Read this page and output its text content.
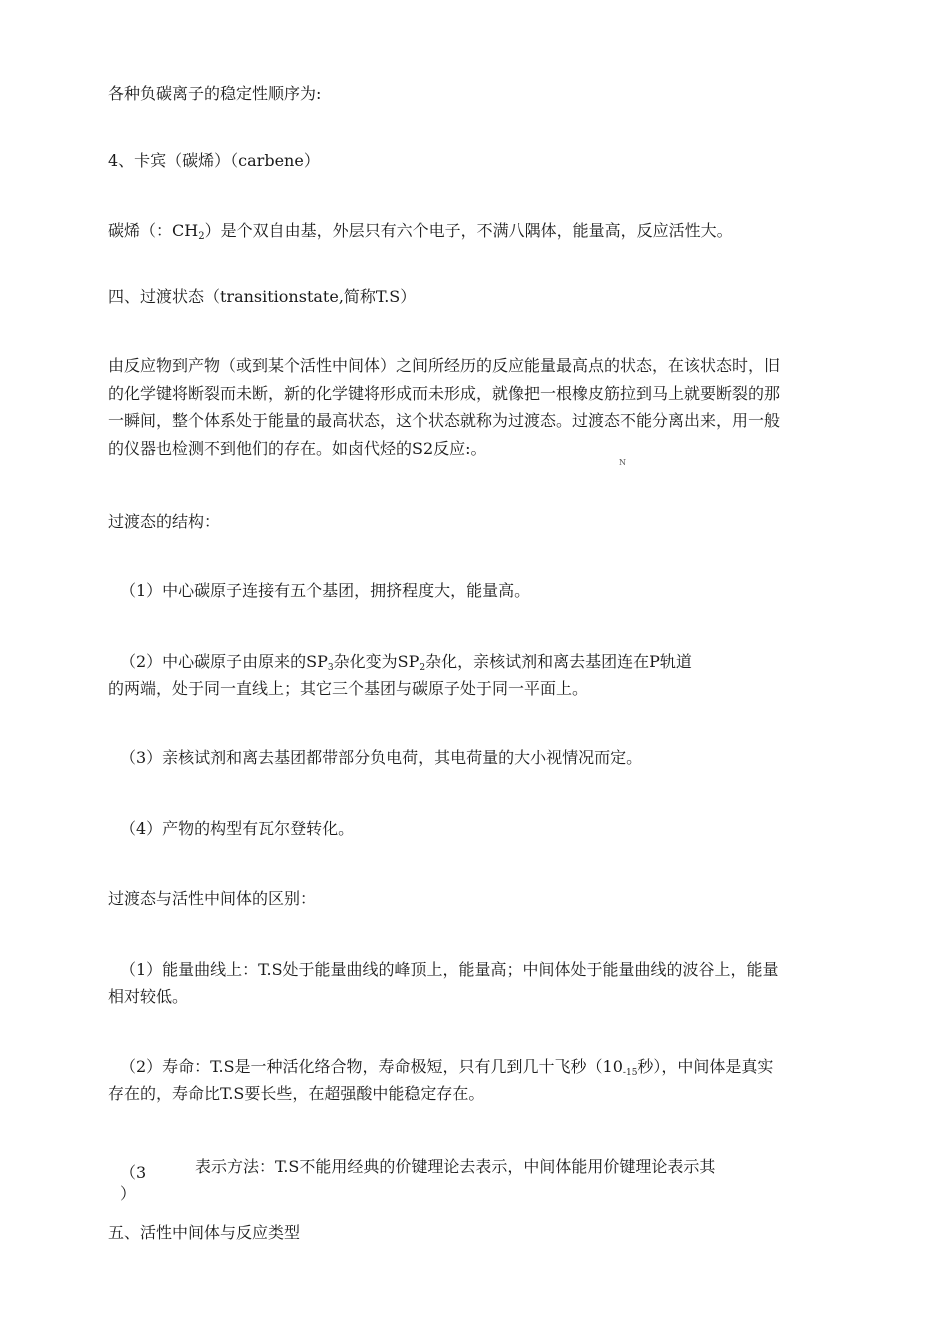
各种负碳离子的稳定性顺序为:
4、卡宾（碳烯）（carbene）
碳烯（：$CH_2$）是个双自由基，外层只有六个电子，不满八隅体，能量高，反应活性大。
四、过渡状态（transitionstate,简称T.S）

由反应物到产物（或到某个活性中间体）之间所经历的反应能量最高点的状态，在该状态时，旧

的化学键将断裂而未断，新的化学键将形成而未形成，就像把一根橡皮筋拉到马上就要断裂的那

一瞬间，整个体系处于能量的最高状态，这个状态就称为过渡态。过渡态不能分离出来，用一般

的仪器也检测不到他们的存在。如卤代烃的S2反应:。

N
过渡态的结构：
（1）中心碳原子连接有五个基团，拥挤程度大，能量高。
（2）中心碳原子由原来的SP3杂化变为SP2杂化，亲核试剂和离去基团连在P轨道
的两端，处于同一直线上；其它三个基团与碳原子处于同一平面上。
（3）亲核试剂和离去基团都带部分负电荷，其电荷量的大小视情况而定。
（4）产物的构型有瓦尔登转化。
过渡态与活性中间体的区别：
（1）能量曲线上：T.S处于能量曲线的峰顶上，能量高；中间体处于能量曲线的波谷上，能量
相对较低。
（2）寿命：T.S是一种活化络合物，寿命极短，只有几到几十飞秒（10-15秒），中间体是真实
存在的，寿命比T.S要长些，在超强酸中能稳定存在。
（3
）
表示方法：T.S不能用经典的价键理论去表示，中间体能用价键理论表示其
五、活性中间体与反应类型
